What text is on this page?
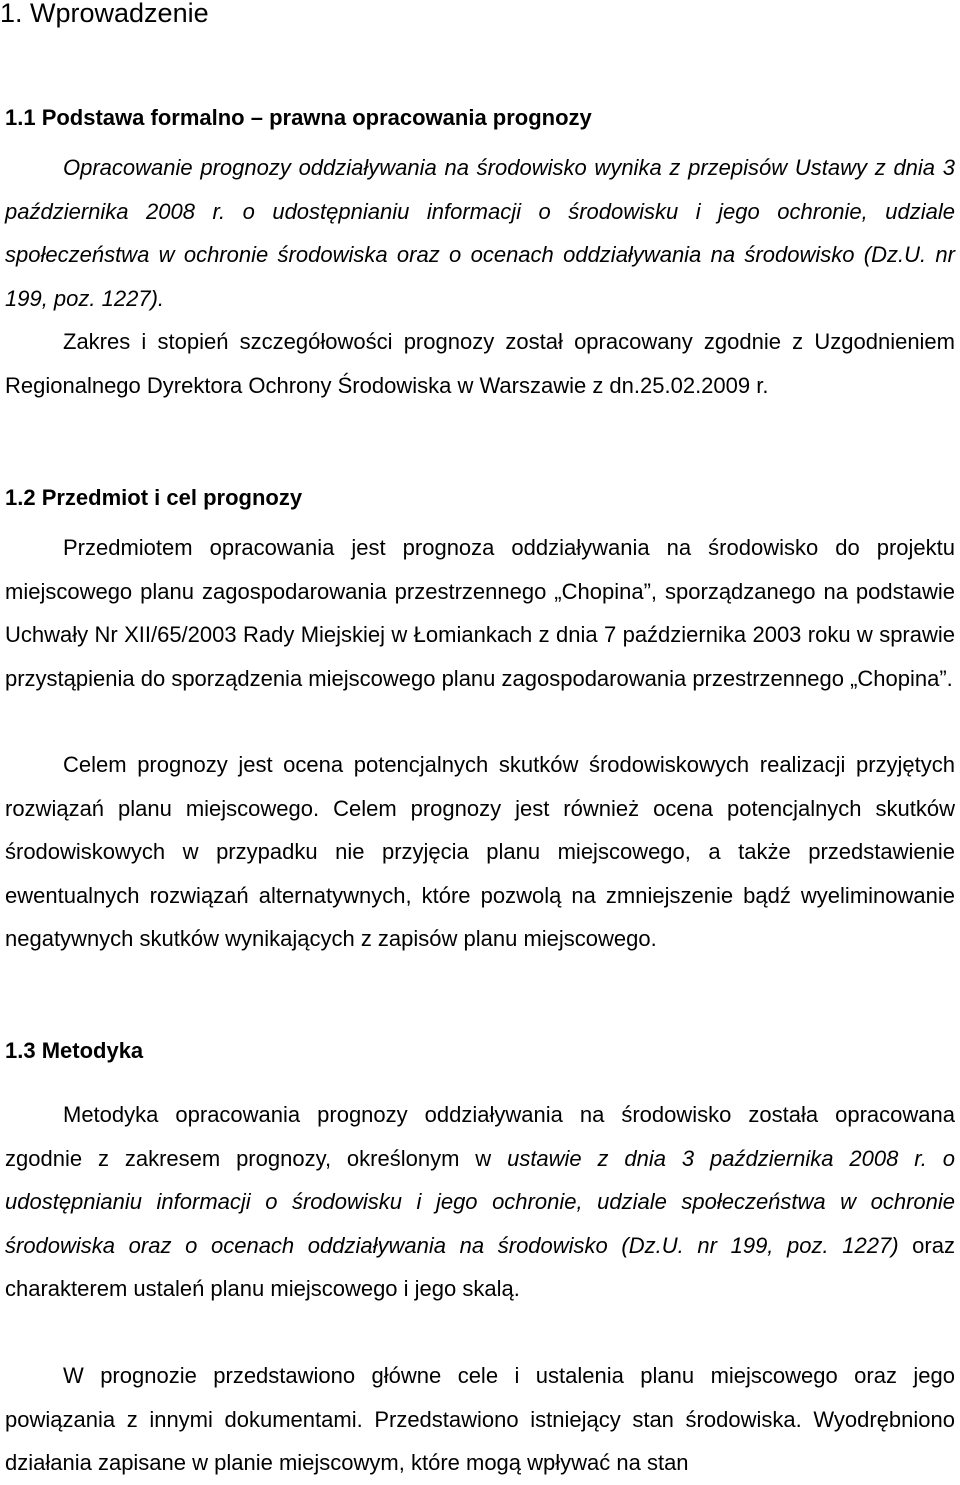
1. Wprowadzenie
1.1 Podstawa formalno – prawna opracowania prognozy

Opracowanie prognozy oddziaływania na środowisko wynika z przepisów Ustawy z dnia 3 października 2008 r. o udostępnianiu informacji o środowisku i jego ochronie, udziale społeczeństwa w ochronie środowiska oraz o ocenach oddziaływania na środowisko (Dz.U. nr 199, poz. 1227).

Zakres i stopień szczegółowości prognozy został opracowany zgodnie z Uzgodnieniem Regionalnego Dyrektora Ochrony Środowiska w Warszawie z dn.25.02.2009 r.

1.2 Przedmiot i cel prognozy

Przedmiotem opracowania jest prognoza oddziaływania na środowisko do projektu miejscowego planu zagospodarowania przestrzennego „Chopina”, sporządzanego na podstawie Uchwały Nr XII/65/2003 Rady Miejskiej w Łomiankach z dnia 7 października 2003 roku w sprawie przystąpienia do sporządzenia miejscowego planu zagospodarowania przestrzennego „Chopina”.

Celem prognozy jest ocena potencjalnych skutków środowiskowych realizacji przyjętych rozwiązań planu miejscowego. Celem prognozy jest również ocena potencjalnych skutków środowiskowych w przypadku nie przyjęcia planu miejscowego, a także przedstawienie ewentualnych rozwiązań alternatywnych, które pozwolą na zmniejszenie bądź wyeliminowanie negatywnych skutków wynikających z zapisów planu miejscowego.

1.3 Metodyka

Metodyka opracowania prognozy oddziaływania na środowisko została opracowana zgodnie z zakresem prognozy, określonym w ustawie z dnia 3 października 2008 r. o udostępnianiu informacji o środowisku i jego ochronie, udziale społeczeństwa w ochronie środowiska oraz o ocenach oddziaływania na środowisko (Dz.U. nr 199, poz. 1227) oraz charakterem ustaleń planu miejscowego i jego skalą.

W prognozie przedstawiono główne cele i ustalenia planu miejscowego oraz jego powiązania z innymi dokumentami. Przedstawiono istniejący stan środowiska. Wyodrębniono działania zapisane w planie miejscowym, które mogą wpływać na stan
